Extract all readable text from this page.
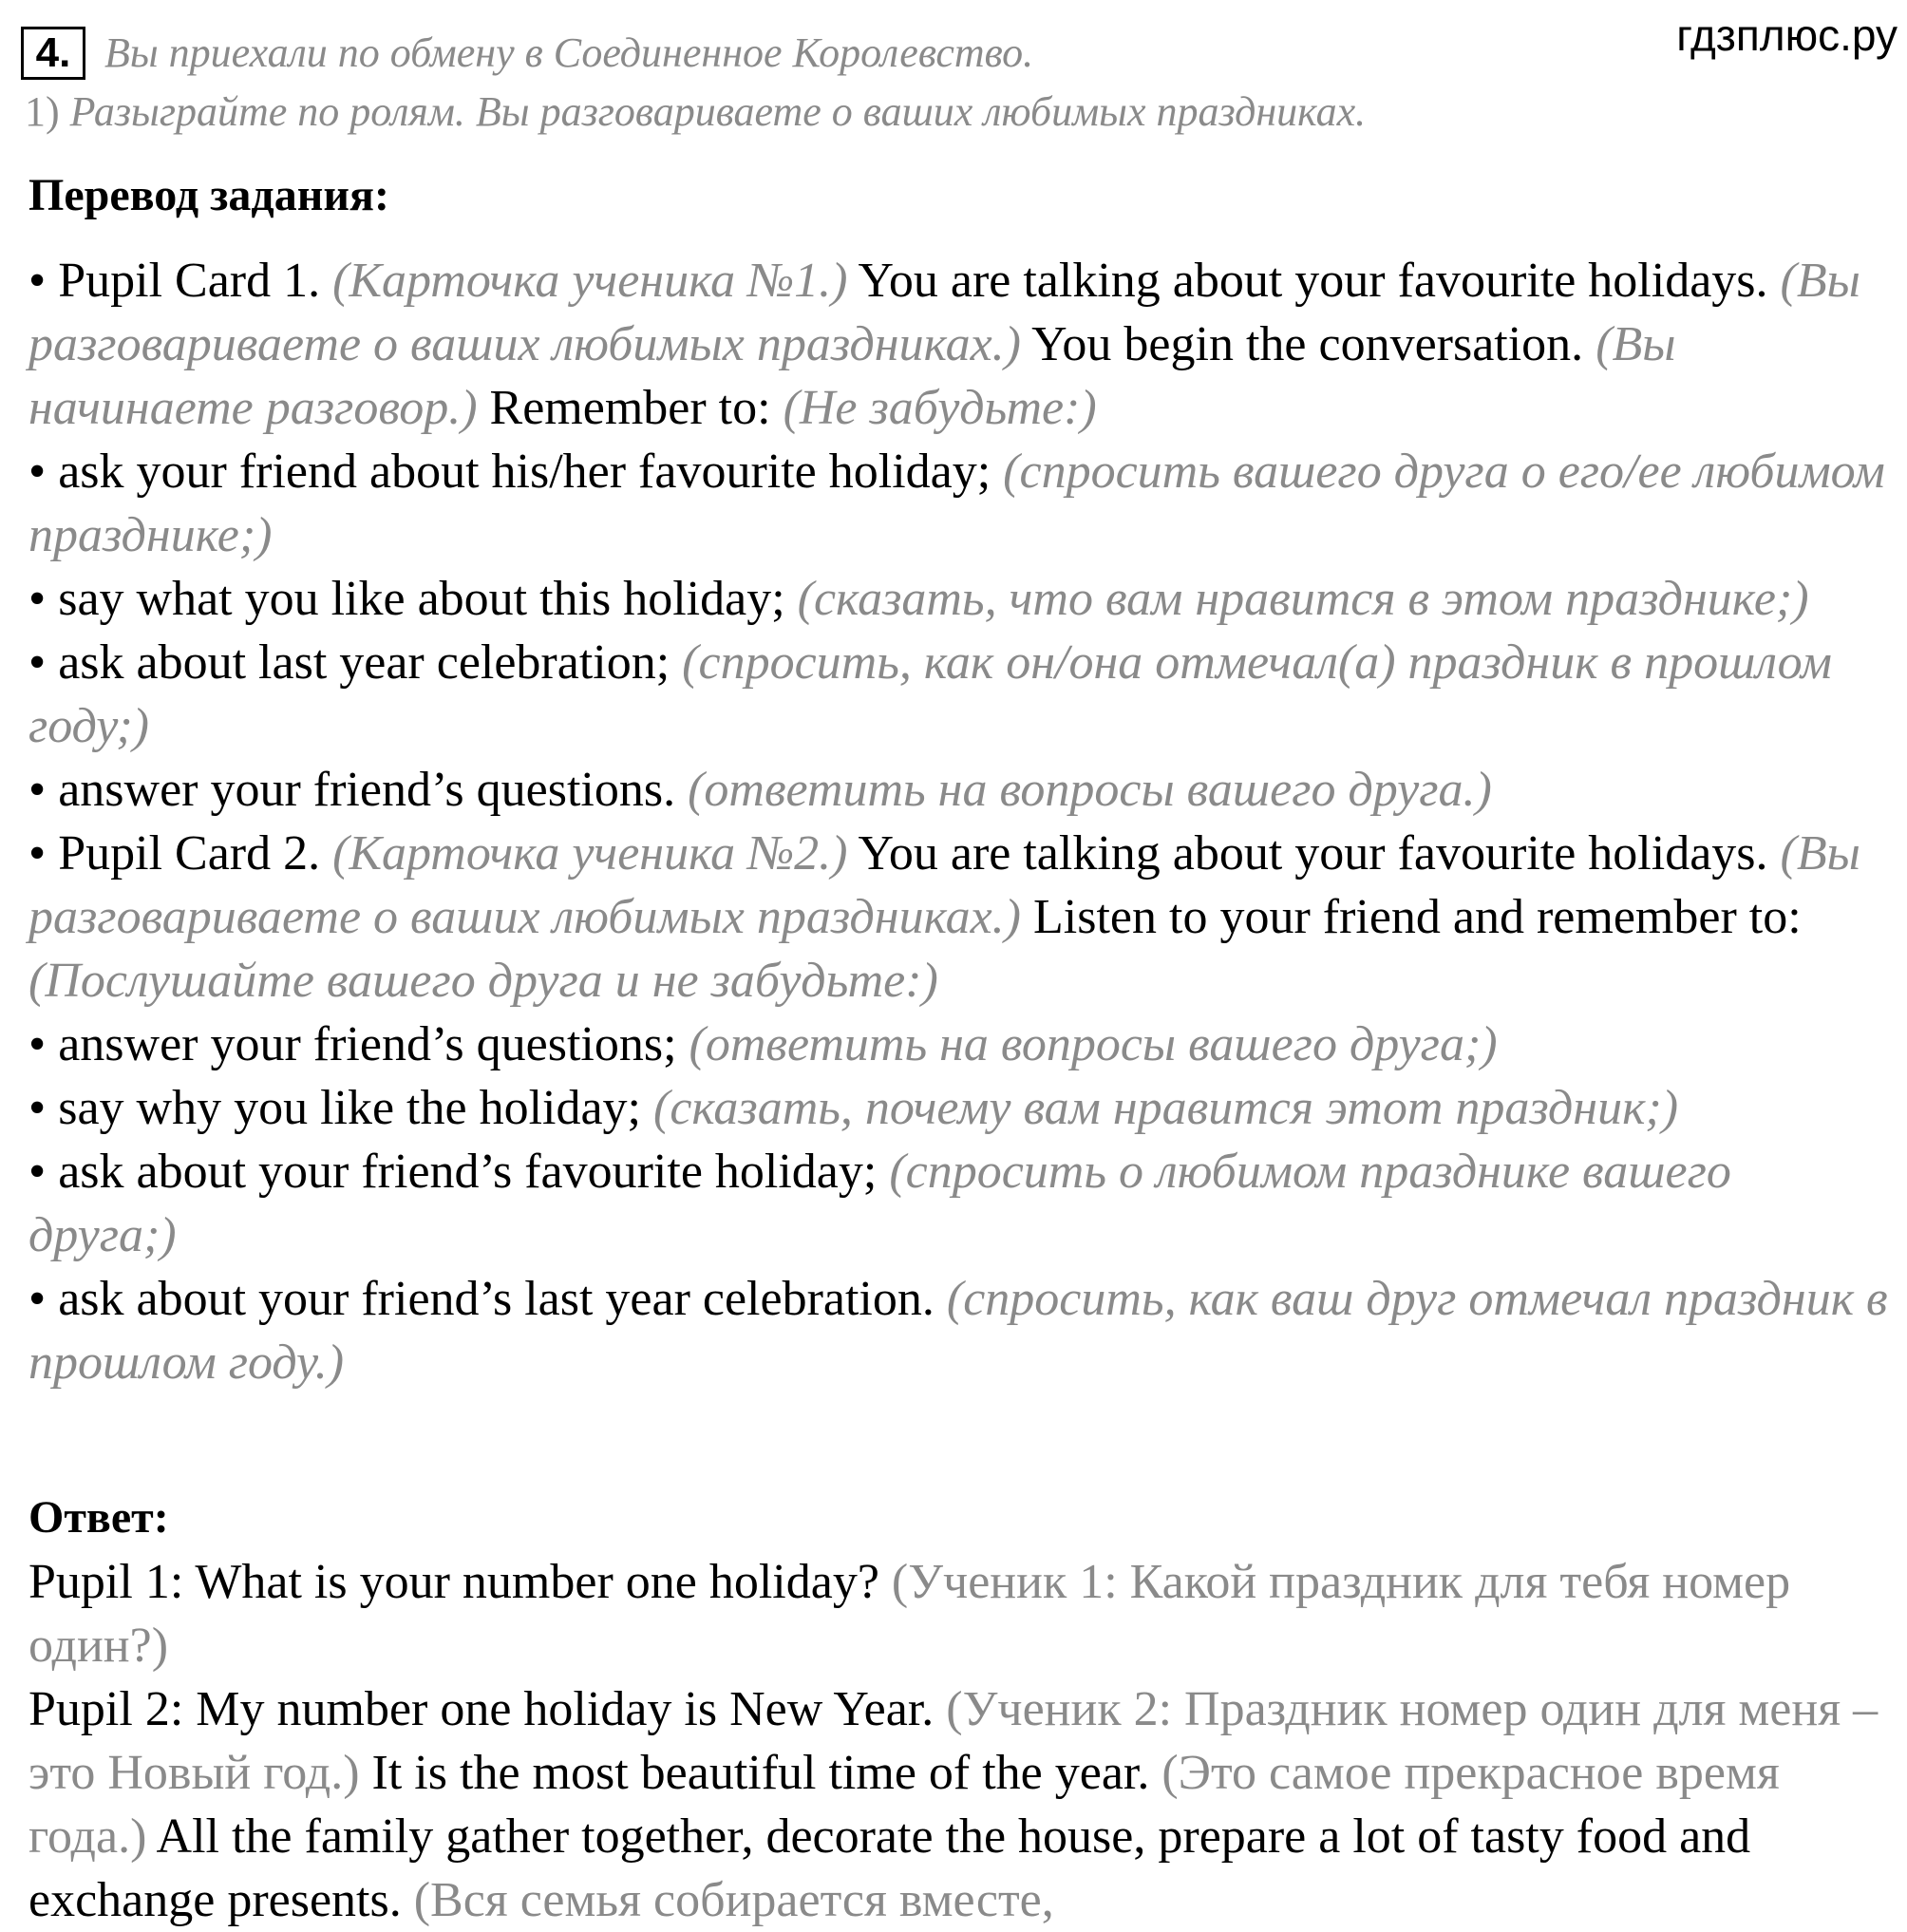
4. Вы приехали по обмену в Соединенное Королевство.
1) Разыграйте по ролям. Вы разговариваете о ваших любимых праздниках.
гдзплюс.ру
Перевод задания:

• Pupil Card 1. (Карточка ученика №1.) You are talking about your favourite holidays. (Вы разговариваете о ваших любимых праздниках.) You begin the conversation. (Вы начинаете разговор.) Remember to: (Не забудьте:)

• ask your friend about his/her favourite holiday; (спросить вашего друга о его/ее любимом празднике;)

• say what you like about this holiday; (сказать, что вам нравится в этом празднике;)

• ask about last year celebration; (спросить, как он/она отмечал(а) праздник в прошлом году;)

• answer your friend’s questions. (ответить на вопросы вашего друга.)

• Pupil Card 2. (Карточка ученика №2.) You are talking about your favourite holidays. (Вы разговариваете о ваших любимых праздниках.) Listen to your friend and remember to: (Послушайте вашего друга и не забудьте:)

• answer your friend’s questions; (ответить на вопросы вашего друга;)

• say why you like the holiday; (сказать, почему вам нравится этот праздник;)

• ask about your friend’s favourite holiday; (спросить о любимом празднике вашего друга;)

• ask about your friend’s last year celebration. (спросить, как ваш друг отмечал праздник в прошлом году.)

Ответ:

Pupil 1: What is your number one holiday? (Ученик 1: Какой праздник для тебя номер один?)

Pupil 2: My number one holiday is New Year. (Ученик 2: Праздник номер один для меня – это Новый год.) It is the most beautiful time of the year. (Это самое прекрасное время года.) All the family gather together, decorate the house, prepare a lot of tasty food and exchange presents. (Вся семья собирается вместе,
